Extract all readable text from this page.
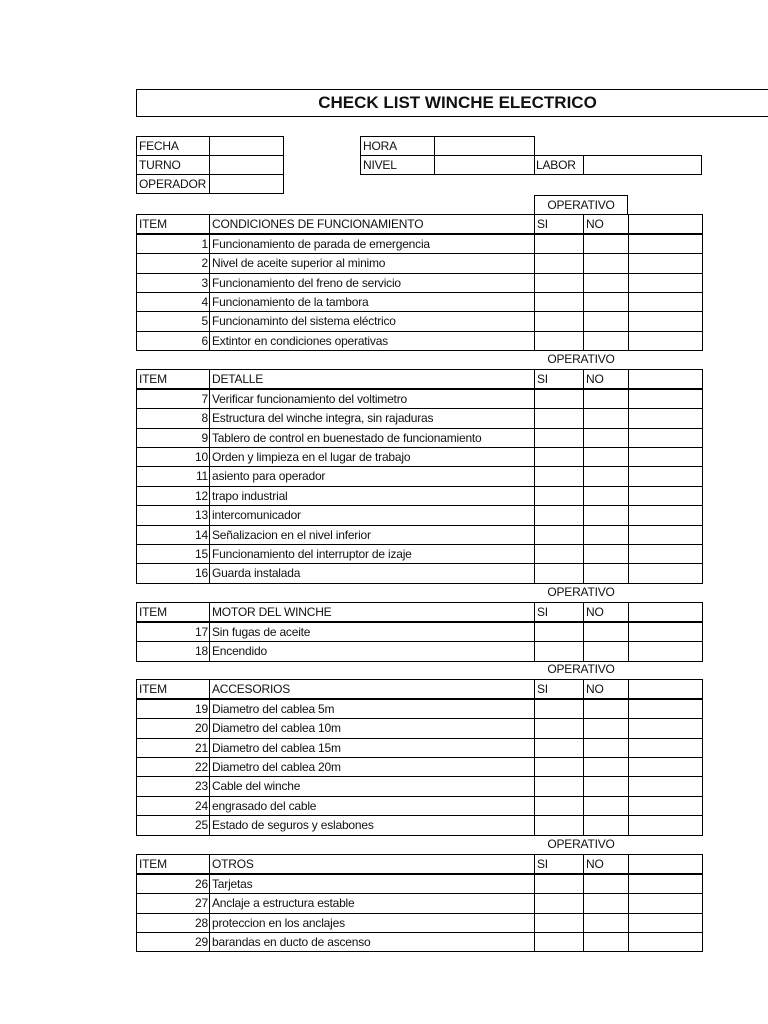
CHECK LIST WINCHE ELECTRICO
FECHA
TURNO
OPERADOR
HORA
NIVEL	LABOR
OPERATIVO
ITEM	CONDICIONES DE FUNCIONAMIENTO	SI	NO
1 Funcionamiento de parada de emergencia
2 Nivel de aceite superior al minimo
3 Funcionamiento del freno de servicio
4 Funcionamiento de la tambora
5 Funcionaminto del sistema eléctrico
6 Extintor en condiciones operativas
OPERATIVO
ITEM	DETALLE	SI	NO
7 Verificar funcionamiento del voltimetro
8 Estructura del winche integra, sin rajaduras
9 Tablero de control en buenestado de funcionamiento
10 Orden y limpieza en el lugar de trabajo
11 asiento para operador
12 trapo industrial
13 intercomunicador
14 Señalizacion en el nivel inferior
15 Funcionamiento del interruptor de izaje
16 Guarda instalada
OPERATIVO
ITEM	MOTOR DEL WINCHE	SI	NO
17 Sin fugas de aceite
18 Encendido
OPERATIVO
ITEM	ACCESORIOS	SI	NO
19 Diametro del cablea 5m
20 Diametro del cablea 10m
21 Diametro del cablea 15m
22 Diametro del cablea 20m
23 Cable del winche
24 engrasado del cable
25 Estado de seguros y eslabones
OPERATIVO
ITEM	OTROS	SI	NO
26 Tarjetas
27 Anclaje a estructura estable
28 proteccion en los anclajes
29 barandas en ducto de ascenso
